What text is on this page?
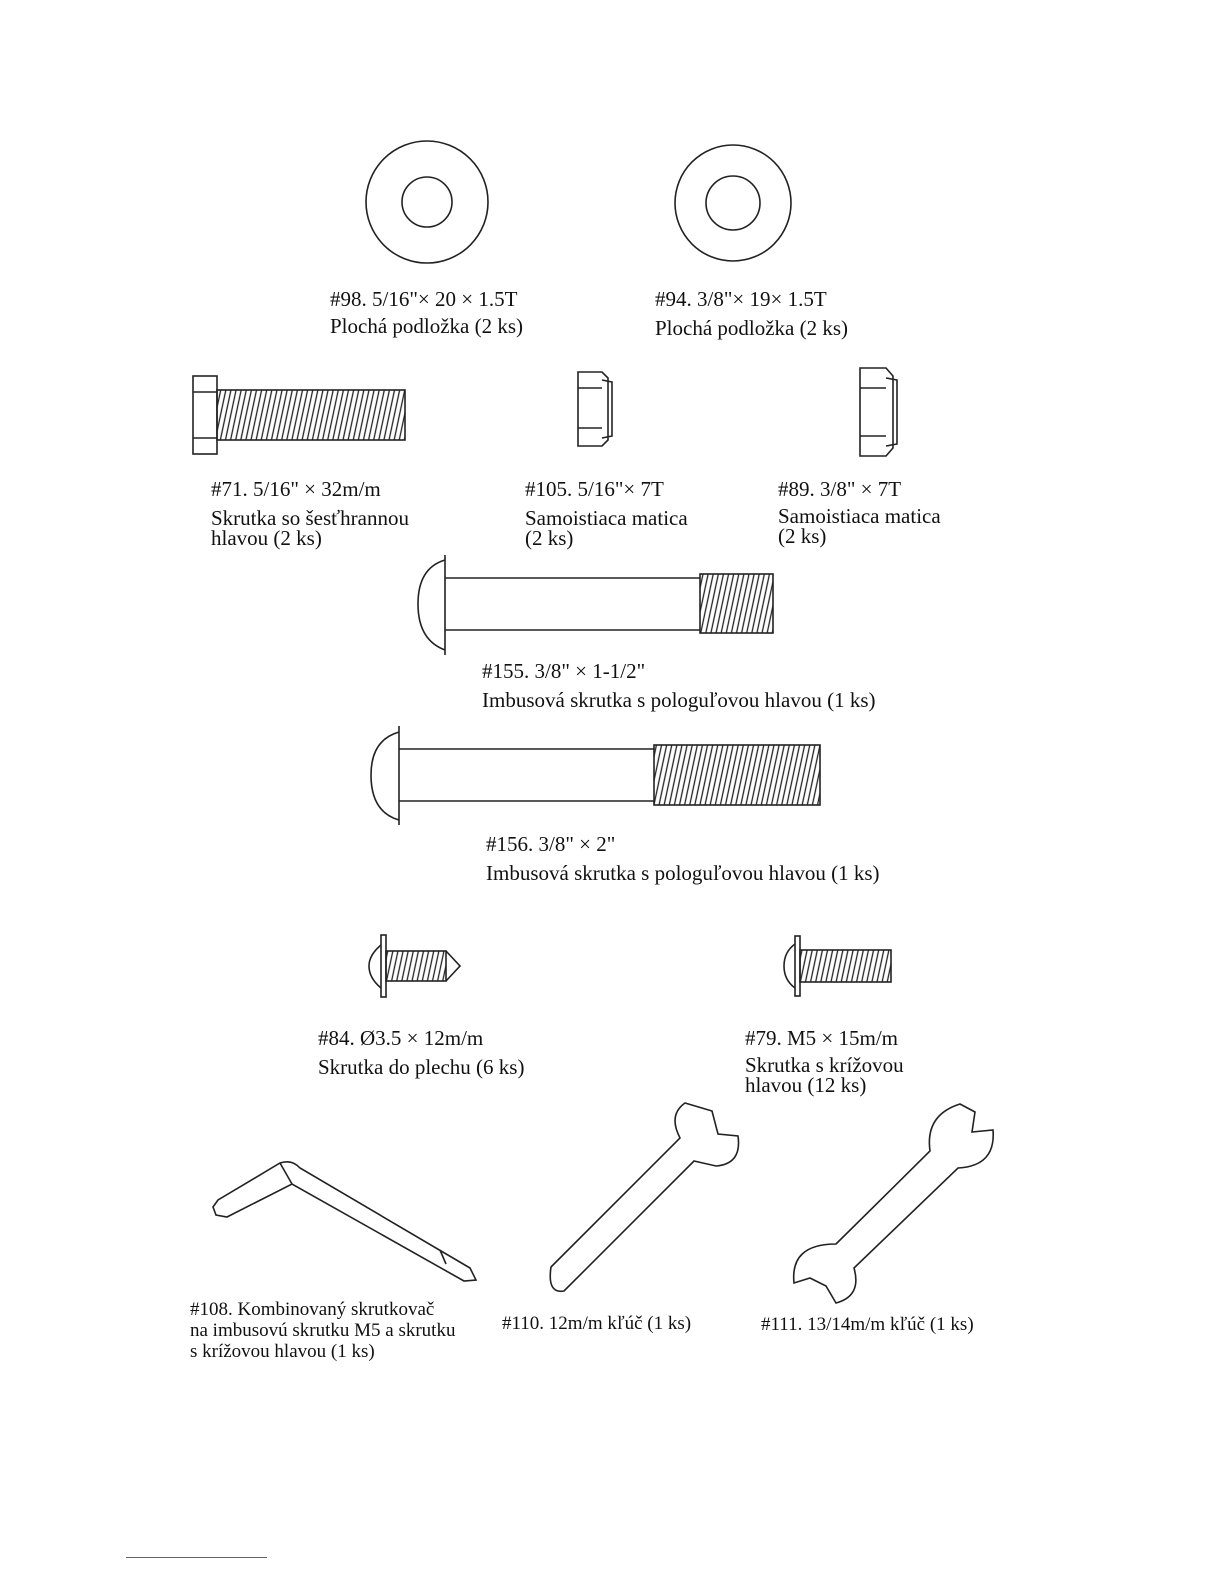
#98. 5/16"× 20 × 1.5T
Plochá podložka (2 ks)
#94. 3/8"× 19× 1.5T
Plochá podložka (2 ks)
#71. 5/16" × 32m/m
Skrutka so šesťhrannou
hlavou (2 ks)
#105. 5/16"× 7T
Samoistiaca matica
(2 ks)
#89. 3/8" × 7T
Samoistiaca matica
(2 ks)
#155. 3/8" × 1-1/2"
Imbusová skrutka s pologuľovou hlavou (1 ks)
#156. 3/8" × 2"
Imbusová skrutka s pologuľovou hlavou (1 ks)
#84. Ø3.5 × 12m/m
Skrutka do plechu (6 ks)
#79. M5 × 15m/m
Skrutka s krížovou
hlavou (12 ks)
#108. Kombinovaný skrutkovač
na imbusovú skrutku M5 a skrutku
s krížovou hlavou (1 ks)
#110. 12m/m kľúč (1 ks)	#111. 13/14m/m kľúč (1 ks)
